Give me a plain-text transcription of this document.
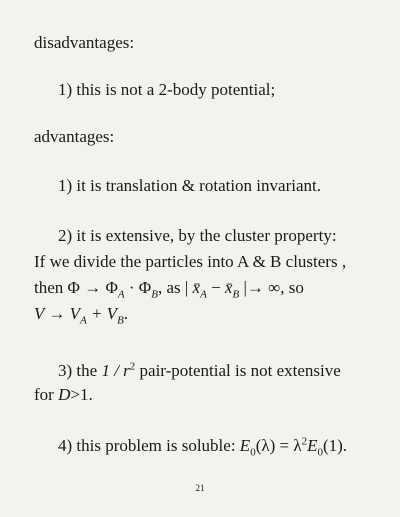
disadvantages:
1) this is not a 2-body potential;
advantages:
1) it is translation & rotation invariant.
2) it is extensive, by the cluster property:
If we divide the particles into A & B clusters ,
then $\Phi \to \Phi_A \cdot \Phi_B$, as | $x̄_A$ − $x̄_B$ |→ ∞, so
$V \to V_A + V_B$.
3) the $1 / r^2$ pair-potential is not extensive
for D>1.
4) this problem is soluble: $E_0(\lambda) = \lambda^2E_0(1)$.
21
